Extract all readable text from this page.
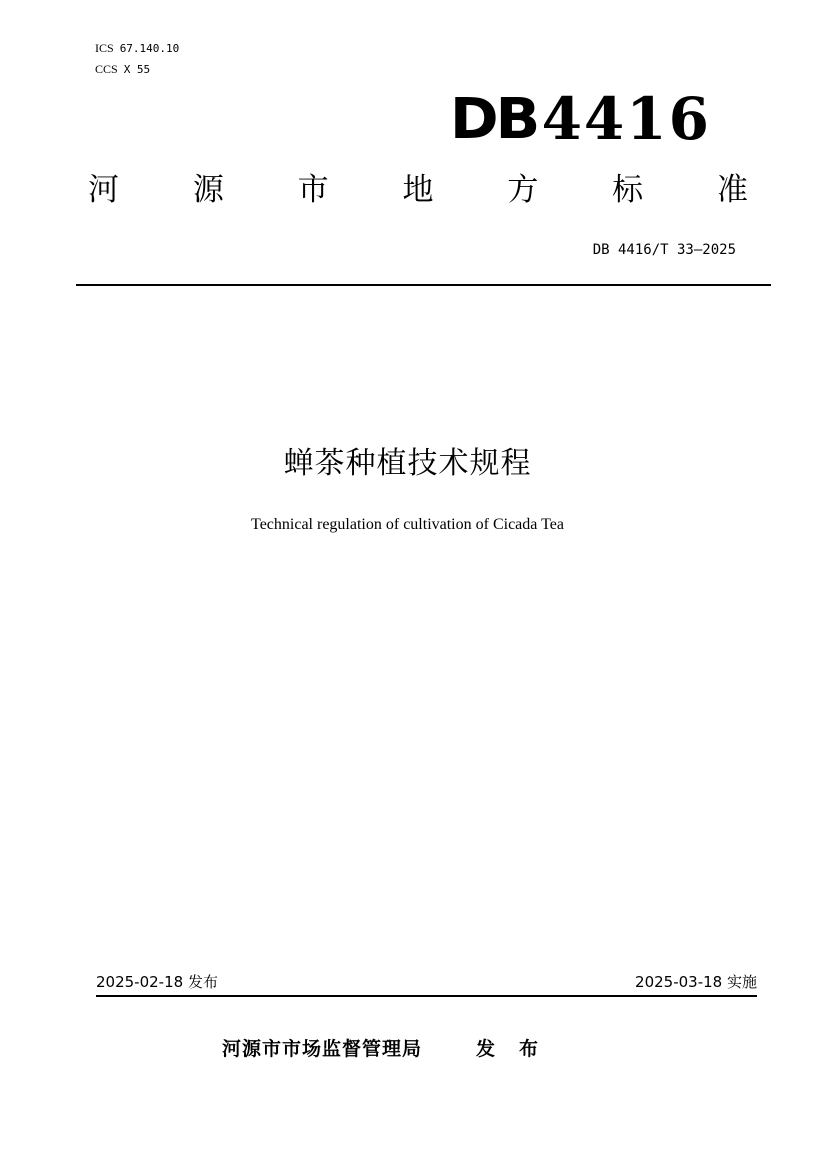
ICS 67.140.10
CCS X 55
DB 4416
河 源 市 地 方 标 准
DB 4416/T 33—2025
蝉茶种植技术规程
Technical regulation of cultivation of Cicada Tea
2025-02-18 发布	2025-03-18 实施
河源市市场监督管理局	发布
